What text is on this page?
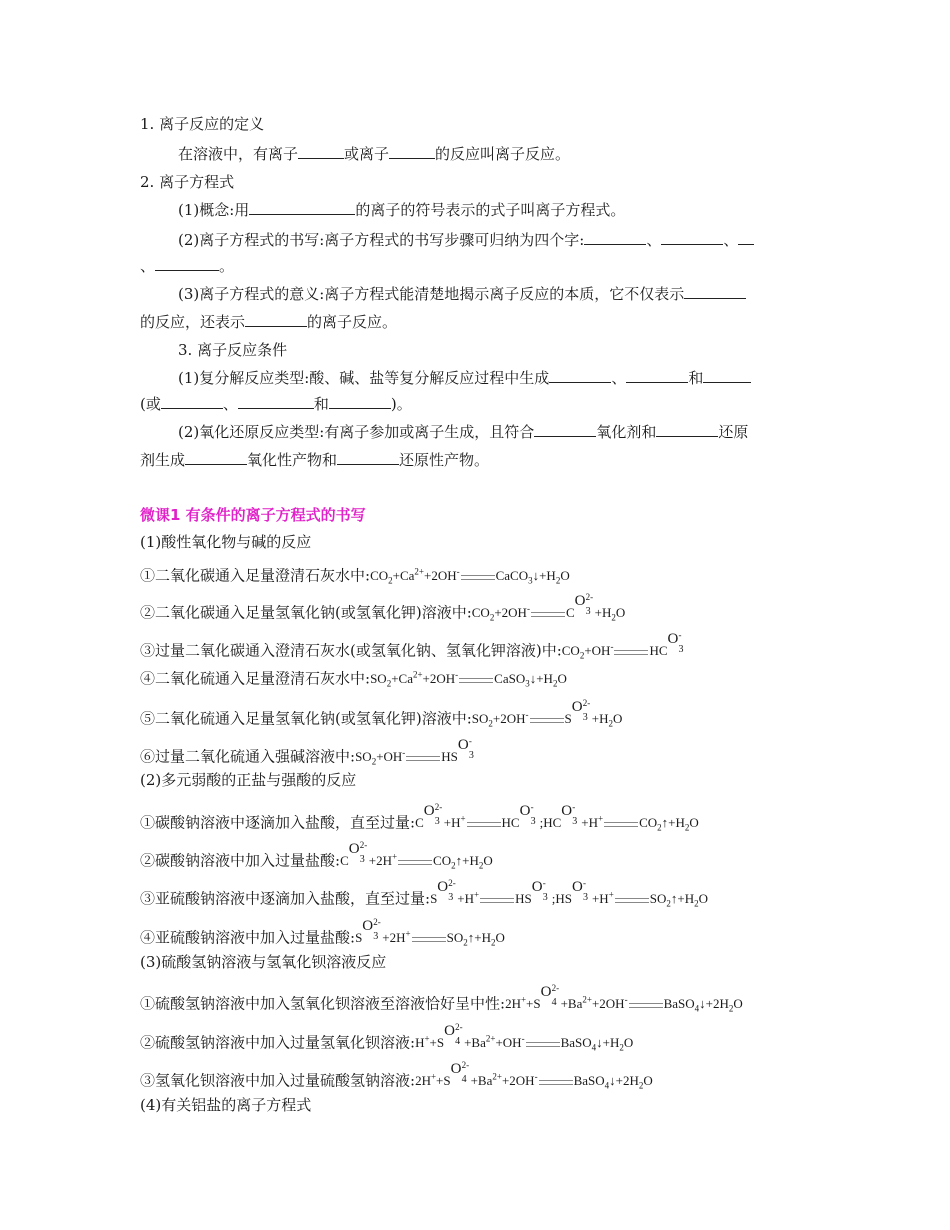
1. 离子反应的定义
在溶液中，有离子	或离子	的反应叫离子反应。
2. 离子方程式
(1)概念:用	的离子的符号表示的式子叫离子方程式。
(2)离子方程式的书写:离子方程式的书写步骤可归纳为四个字:	、	、
、	。
(3)离子方程式的意义:离子方程式能清楚地揭示离子反应的本质，它不仅表示
的反应，还表示	的离子反应。
3. 离子反应条件
(1)复分解反应类型:酸、碱、盐等复分解反应过程中生成	、	和
(或	、	和	)。
(2)氧化还原反应类型:有离子参加或离子生成，且符合	氧化剂和	还原
剂生成	氧化性产物和	还原性产物。
微课1 有条件的离子方程式的书写
(1)酸性氧化物与碱的反应
①二氧化碳通入足量澄清石灰水中$:CO_2+Ca^{2+}+2OH^-$	$CaCO_3↓+H_2O$
②二氧化碳通入足量氢氧化钠(或氢氧化钾)溶液中$:CO_2+2OH^-$	C
O
3
2-
$+H_2O$
③过量二氧化碳通入澄清石灰水(或氢氧化钠、氢氧化钾溶液)中$:CO_2+OH^-$	HC
O
3
-
④二氧化硫通入足量澄清石灰水中$:SO_2+Ca^{2+}+2OH^-$	$CaSO_3↓+H_2O$
⑤二氧化硫通入足量氢氧化钠(或氢氧化钾)溶液中$:SO_2+2OH^-$	S
O
3
2-
$+H_2O$
⑥过量二氧化硫通入强碱溶液中$:SO_2+OH^-$	HS
O
3
-
(2)多元弱酸的正盐与强酸的反应
①碳酸钠溶液中逐滴加入盐酸，直至过量:C
O
3
2-
+H+	HC
O
3
-
;HC
O
3
-
+H+	$CO_2↑+H_2O$
②碳酸钠溶液中加入过量盐酸:C
O
3
2-
+2H+	$CO_2↑+H_2O$
③亚硫酸钠溶液中逐滴加入盐酸，直至过量:S
O
3
2-
+H+	HS
O
3
-
;HS
O
3
-
+H+	$SO_2↑+H_2O$
④亚硫酸钠溶液中加入过量盐酸:S
O
3
2-
+2H+	$SO_2↑+H_2O$
(3)硫酸氢钠溶液与氢氧化钡溶液反应
①硫酸氢钠溶液中加入氢氧化钡溶液至溶液恰好呈中性:2H++S
O
4
2-
$+Ba^{2+}+2OH^-$	$BaSO_4↓+2H_2O$
②硫酸氢钠溶液中加入过量氢氧化钡溶液:H++S
O
4
2-
$+Ba^{2+}+OH^-$	$BaSO_4↓+H_2O$
③氢氧化钡溶液中加入过量硫酸氢钠溶液:2H++S
O
4
2-
$+Ba^{2+}+2OH^-$	$BaSO_4↓+2H_2O$
(4)有关铝盐的离子方程式
